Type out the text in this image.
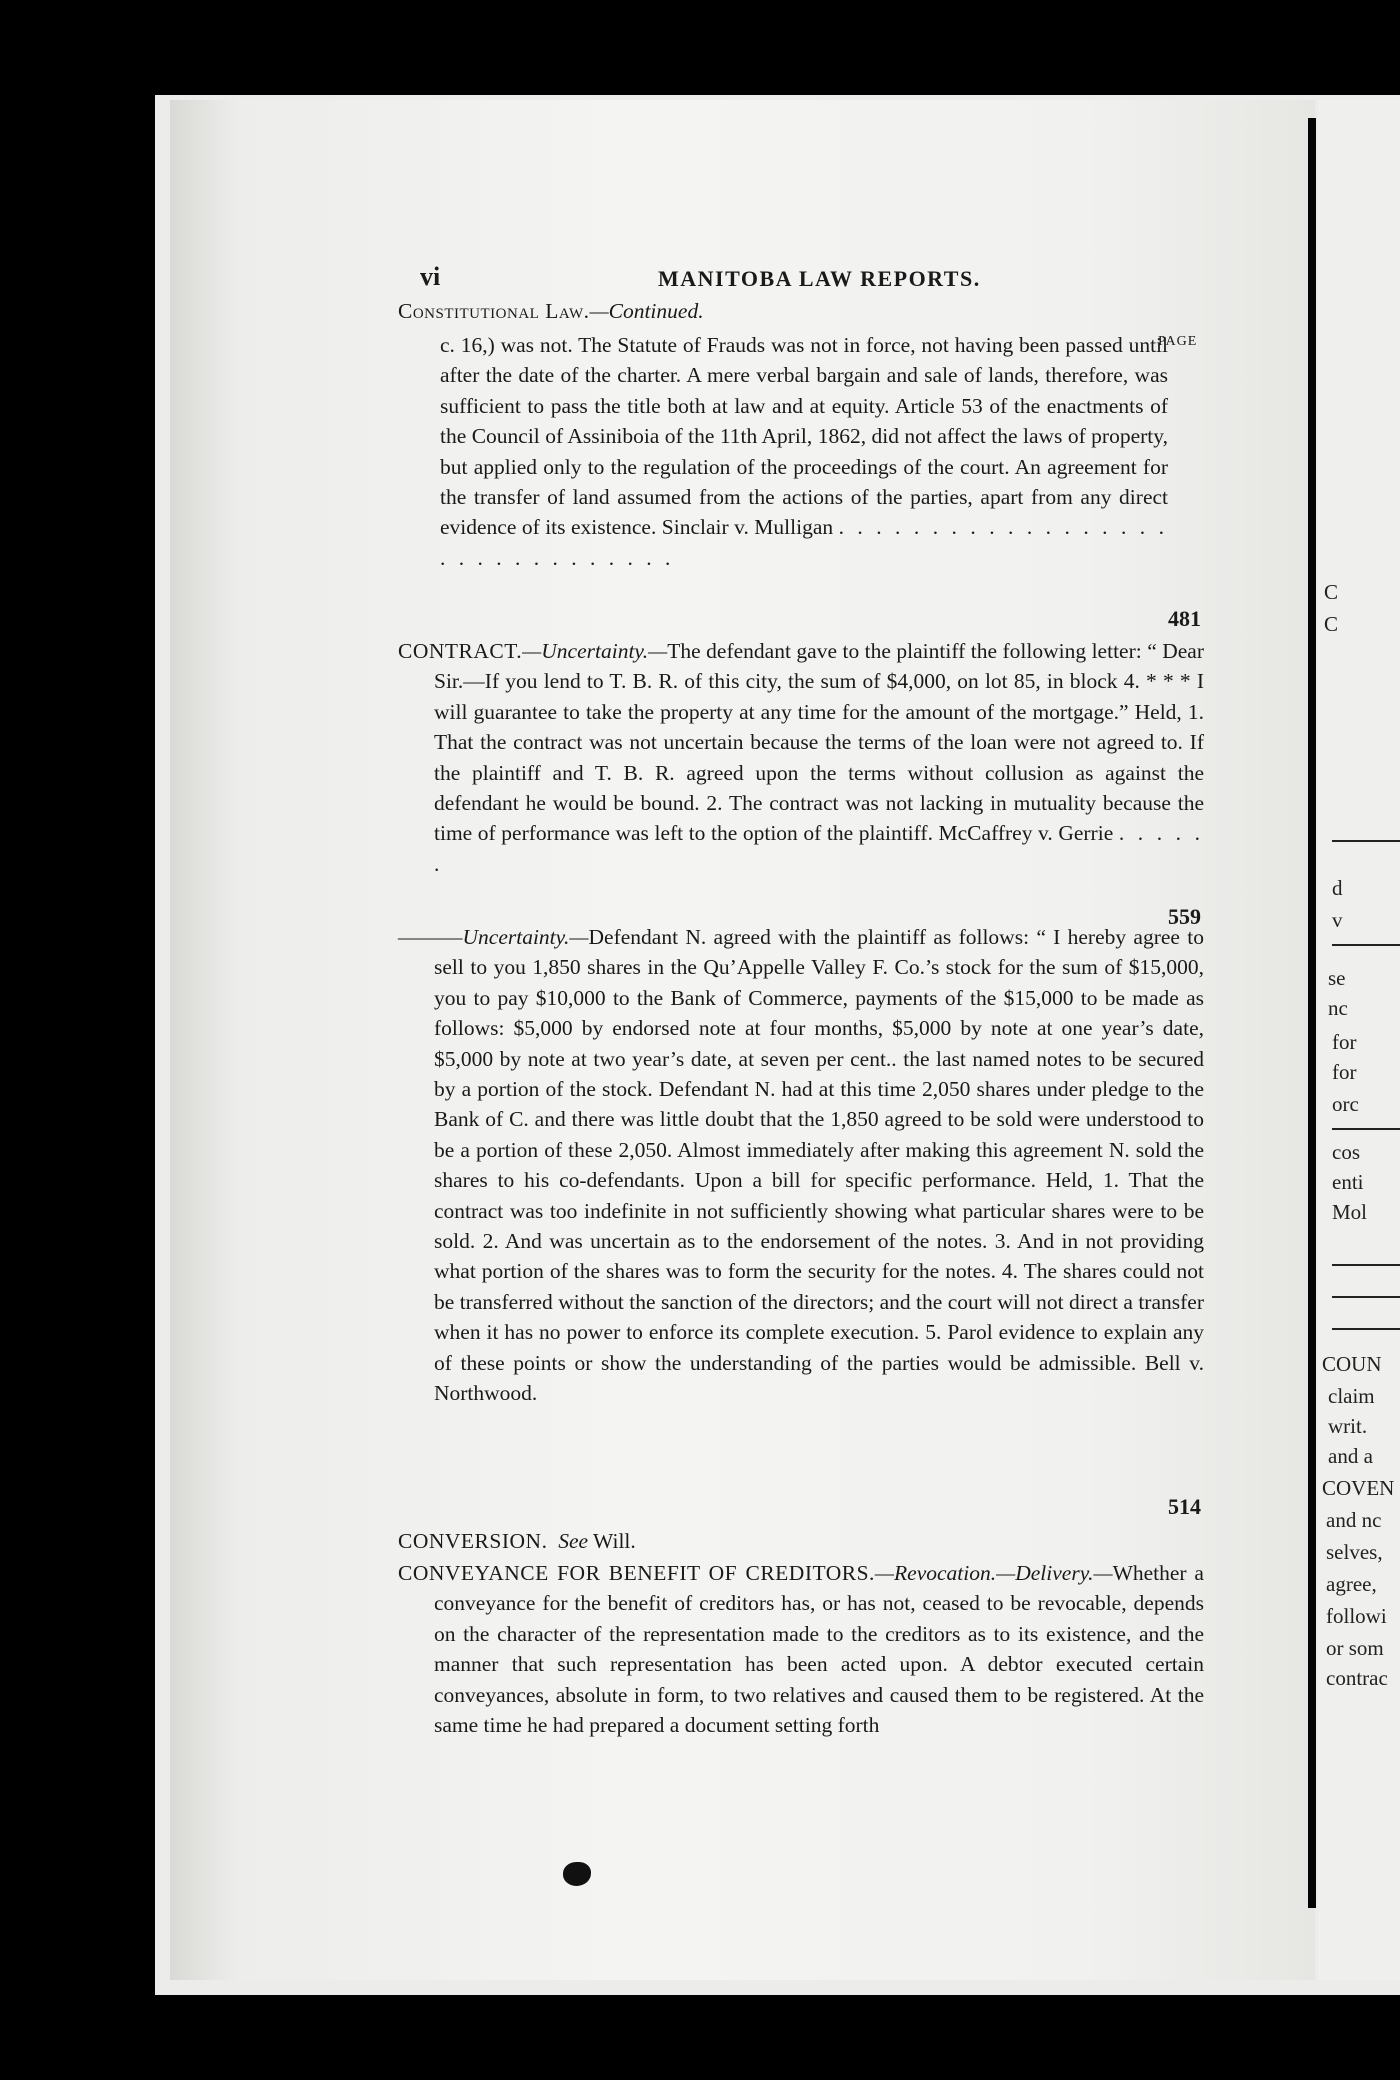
C
C
d
v
se
nc
for
for
orc
cos
enti
Mol
COUN
claim
writ.
and a
COVEN
and nc
selves,
agree,
followi
or som
contrac
vi	MANITOBA LAW REPORTS.
PAGE
Constitutional Law.—Continued.
c. 16,) was not. The Statute of Frauds was not in force, not having been passed until after the date of the charter. A mere verbal bargain and sale of lands, therefore, was sufficient to pass the title both at law and at equity. Article 53 of the enactments of the Council of Assiniboia of the 11th April, 1862, did not affect the laws of property, but applied only to the regulation of the proceedings of the court. An agreement for the transfer of land assumed from the actions of the parties, apart from any direct evidence of its existence. Sinclair v. Mulligan . . . . . . . . . . . . . . . . . . . . . . . . . . . . . . .
481
CONTRACT.—Uncertainty.—The defendant gave to the plaintiff the following letter: “ Dear Sir.—If you lend to T. B. R. of this city, the sum of $4,000, on lot 85, in block 4. * * * I will guarantee to take the property at any time for the amount of the mortgage.” Held, 1. That the contract was not uncertain because the terms of the loan were not agreed to. If the plaintiff and T. B. R. agreed upon the terms without collusion as against the defendant he would be bound. 2. The contract was not lacking in mutuality because the time of performance was left to the option of the plaintiff. McCaffrey v. Gerrie . . . . . .
559
———Uncertainty.—Defendant N. agreed with the plaintiff as follows: “ I hereby agree to sell to you 1,850 shares in the Qu’Appelle Valley F. Co.’s stock for the sum of $15,000, you to pay $10,000 to the Bank of Commerce, payments of the $15,000 to be made as follows: $5,000 by endorsed note at four months, $5,000 by note at one year’s date, $5,000 by note at two year’s date, at seven per cent.. the last named notes to be secured by a portion of the stock. Defendant N. had at this time 2,050 shares under pledge to the Bank of C. and there was little doubt that the 1,850 agreed to be sold were understood to be a portion of these 2,050. Almost immediately after making this agreement N. sold the shares to his co-defendants. Upon a bill for specific performance. Held, 1. That the contract was too indefinite in not sufficiently showing what particular shares were to be sold. 2. And was uncertain as to the endorsement of the notes. 3. And in not providing what portion of the shares was to form the security for the notes. 4. The shares could not be transferred without the sanction of the directors; and the court will not direct a transfer when it has no power to enforce its complete execution. 5. Parol evidence to explain any of these points or show the understanding of the parties would be admissible. Bell v. Northwood.
514
CONVERSION. See Will.
CONVEYANCE FOR BENEFIT OF CREDITORS.—Revocation.—Delivery.—Whether a conveyance for the benefit of creditors has, or has not, ceased to be revocable, depends on the character of the representation made to the creditors as to its existence, and the manner that such representation has been acted upon. A debtor executed certain conveyances, absolute in form, to two relatives and caused them to be registered. At the same time he had prepared a document setting forth
